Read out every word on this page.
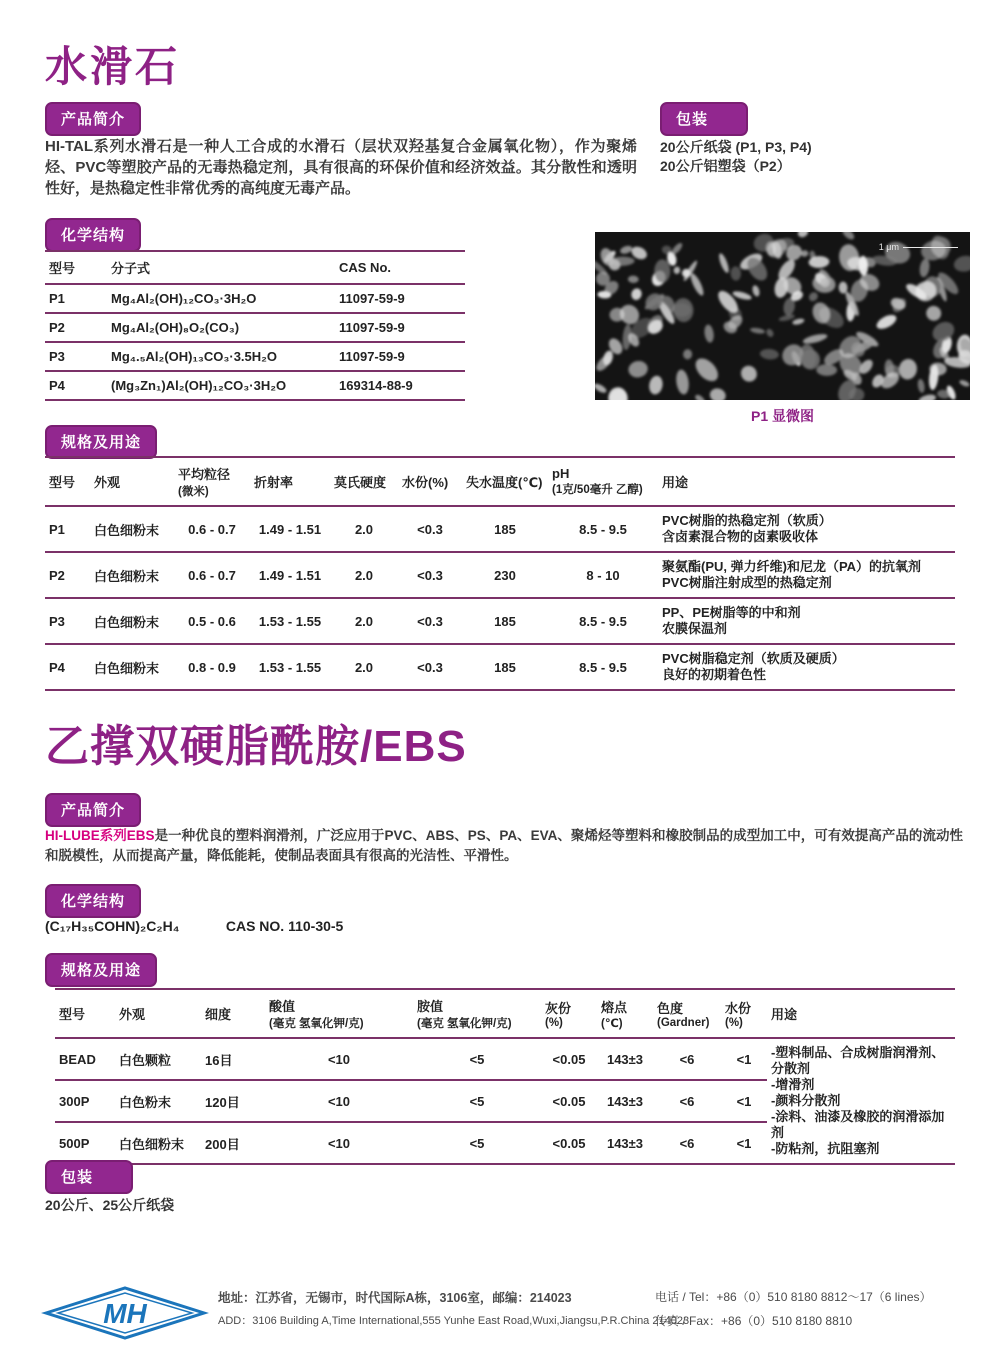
水滑石
产品简介
HI-TAL系列水滑石是一种人工合成的水滑石（层状双羟基复合金属氧化物），作为聚烯烃、PVC等塑胶产品的无毒热稳定剂，具有很高的环保价值和经济效益。其分散性和透明性好，是热稳定性非常优秀的高纯度无毒产品。
包装
20公斤纸袋 (P1, P3, P4)
20公斤铝塑袋（P2）
化学结构
型号	分子式	CAS No.
P1	Mg₄Al₂(OH)₁₂CO₃·3H₂O	11097-59-9
P2	Mg₄Al₂(OH)₈O₂(CO₃)	11097-59-9
P3	Mg₄.₅Al₂(OH)₁₃CO₃·3.5H₂O	11097-59-9
P4	(Mg₃Zn₁)Al₂(OH)₁₂CO₃·3H₂O	169314-88-9
1 μm
P1 显微图
规格及用途
型号	外观

平均粒径
(微米)

折射率	莫氏硬度	水份(%)	失水温度(℃)

pH
(1克/50毫升 乙醇)	用途

P1	白色细粉末	0.6 - 0.7	1.49 - 1.51	2.0	<0.3	185	8.5 - 9.5	PVC树脂的热稳定剂（软质）
含卤素混合物的卤素吸收体

P2	白色细粉末	0.6 - 0.7	1.49 - 1.51	2.0	<0.3	230	8 - 10	聚氨酯(PU, 弹力纤维)和尼龙（PA）的抗氧剂
PVC树脂注射成型的热稳定剂

P3	白色细粉末	0.5 - 0.6	1.53 - 1.55	2.0	<0.3	185	8.5 - 9.5	PP、PE树脂等的中和剂
农膜保温剂

P4	白色细粉末	0.8 - 0.9	1.53 - 1.55	2.0	<0.3	185	8.5 - 9.5	PVC树脂稳定剂（软质及硬质）
良好的初期着色性
乙撑双硬脂酰胺/EBS
产品简介
HI-LUBE系列EBS是一种优良的塑料润滑剂，广泛应用于PVC、ABS、PS、PA、EVA、聚烯烃等塑料和橡胶制品的成型加工中，可有效提高产品的流动性和脱模性，从而提高产量，降低能耗，使制品表面具有很高的光洁性、平滑性。
化学结构
(C₁₇H₃₅COHN)₂C₂H₄	CAS NO. 110-30-5
规格及用途
型号	外观	细度

酸值
(毫克 氢氧化钾/克)

胺值
(毫克 氢氧化钾/克)

灰份
(%)

熔点
(℃)

色度
(Gardner)

水份
(%)

用途

BEAD	白色颗粒	16目	<10	<5	<0.05	143±3	<6	<1	-塑料制品、合成树脂润滑剂、分散剂
-增滑剂
-颜料分散剂
-涂料、油漆及橡胶的润滑添加剂
-防粘剂，抗阻塞剂

300P	白色粉末	120目	<10	<5	<0.05	143±3	<6	<1	
500P	白色细粉末	200目	<10	<5	<0.05	143±3	<6	<1	
包装
20公斤、25公斤纸袋
MH	地址：江苏省，无锡市，时代国际A栋，3106室，邮编：214023
ADD：3106 Building A,Time International,555 Yunhe East Road,Wuxi,Jiangsu,P.R.China 214023
电话 / Tel：+86（0）510 8180 8812～17（6 lines）
传真 / Fax：+86（0）510 8180 8810
